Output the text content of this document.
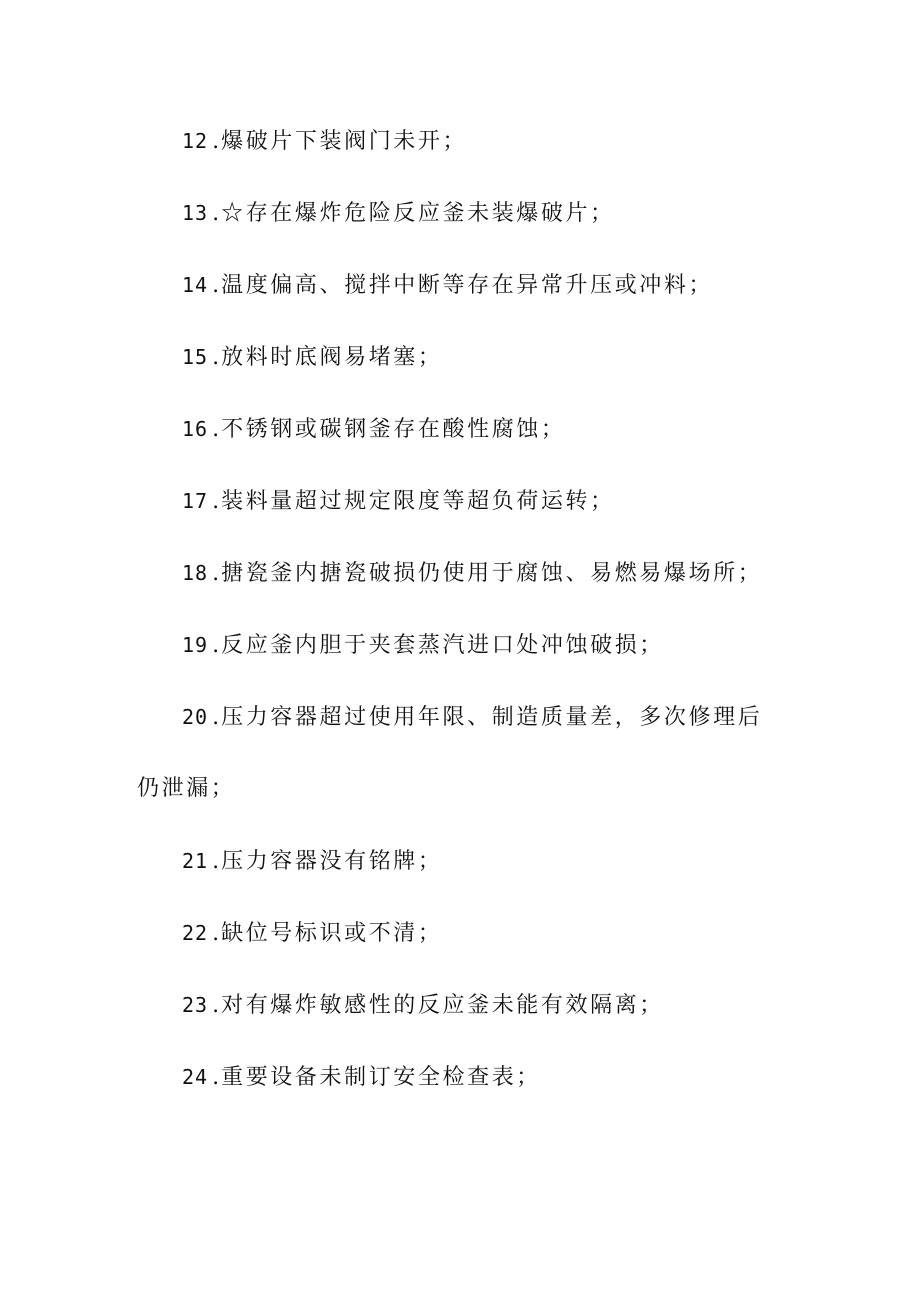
12 .爆破片下装阀门未开；
13 .☆存在爆炸危险反应釜未装爆破片；
14 .温度偏高、搅拌中断等存在异常升压或冲料；
15 .放料时底阀易堵塞；
16 .不锈钢或碳钢釜存在酸性腐蚀；
17 .装料量超过规定限度等超负荷运转；
18 .搪瓷釜内搪瓷破损仍使用于腐蚀、易燃易爆场所；
19 .反应釜内胆于夹套蒸汽进口处冲蚀破损；
20 .压力容器超过使用年限、制造质量差，多次修理后
仍泄漏；
21 .压力容器没有铭牌；
22 .缺位号标识或不清；
23 .对有爆炸敏感性的反应釜未能有效隔离；
24 .重要设备未制订安全检查表；
